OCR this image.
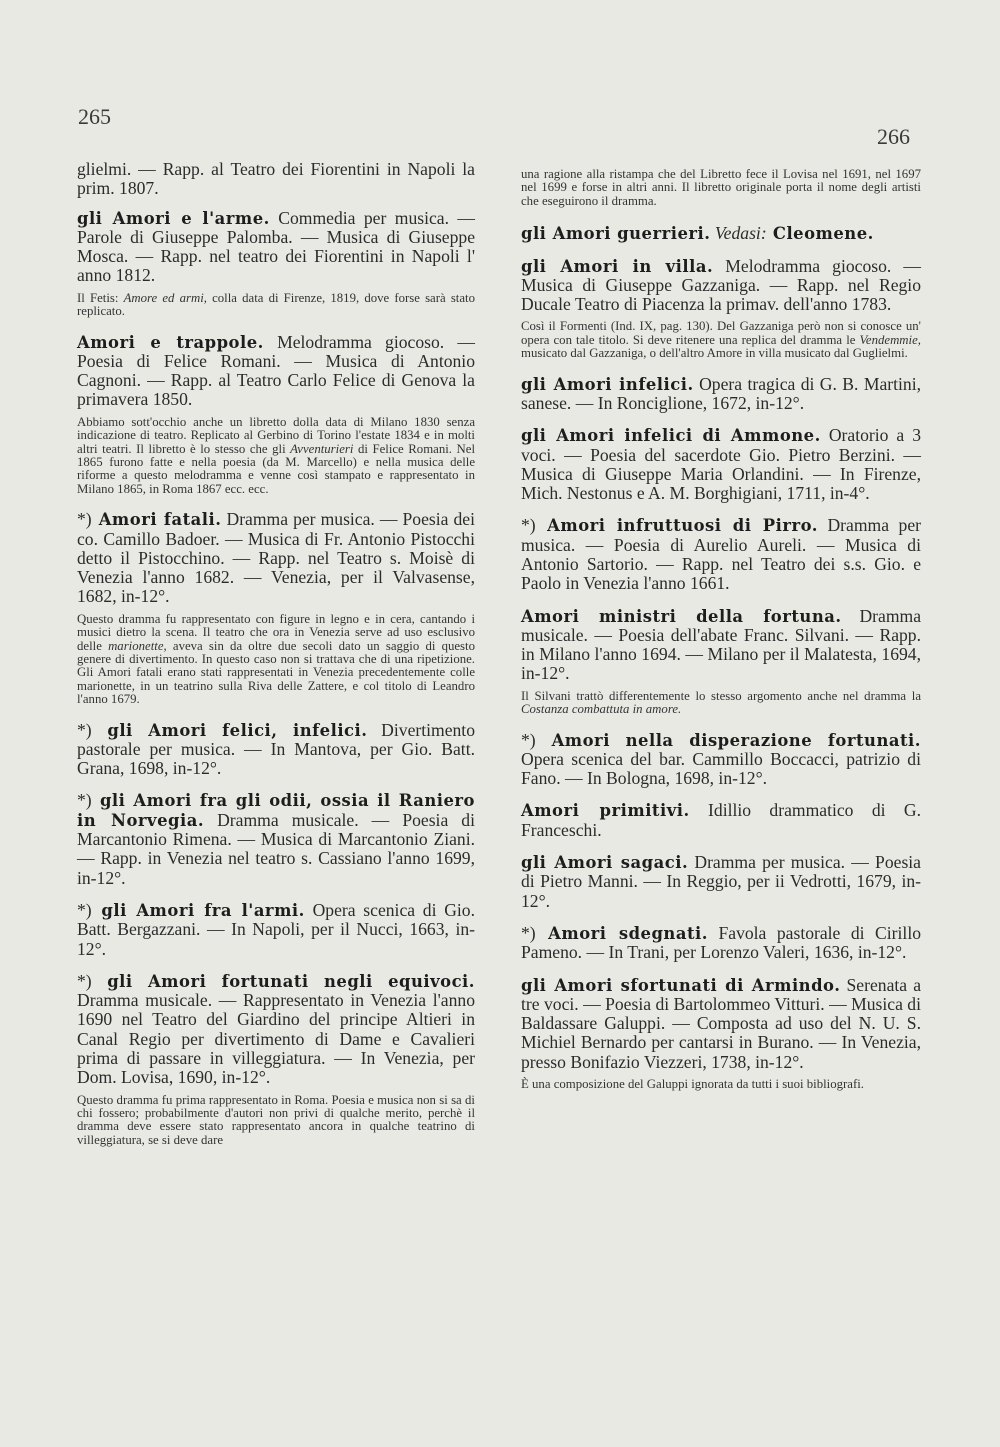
265
266

glielmi. — Rapp. al Teatro dei Fiorentini in Napoli la prim. 1807.

gli Amori e l'arme. Commedia per musica. — Parole di Giuseppe Palomba. — Musica di Giuseppe Mosca. — Rapp. nel teatro dei Fiorentini in Napoli l' anno 1812.

Il Fetis: Amore ed armi, colla data di Firenze, 1819, dove forse sarà stato replicato.

Amori e trappole. Melodramma giocoso. — Poesia di Felice Romani. — Musica di Antonio Cagnoni. — Rapp. al Teatro Carlo Felice di Genova la primavera 1850.

Abbiamo sott'occhio anche un libretto dolla data di Milano 1830 senza indicazione di teatro. Replicato al Gerbino di Torino l'estate 1834 e in molti altri teatri. Il libretto è lo stesso che gli Avventurieri di Felice Romani. Nel 1865 furono fatte e nella poesia (da M. Marcello) e nella musica delle riforme a questo melodramma e venne così stampato e rappresentato in Milano 1865, in Roma 1867 ecc. ecc.

*) Amori fatali. Dramma per musica. — Poesia dei co. Camillo Badoer. — Musica di Fr. Antonio Pistocchi detto il Pistocchino. — Rapp. nel Teatro s. Moisè di Venezia l'anno 1682. — Venezia, per il Valvasense, 1682, in-12°.

Questo dramma fu rappresentato con figure in legno e in cera, cantando i musici dietro la scena. Il teatro che ora in Venezia serve ad uso esclusivo delle marionette, aveva sin da oltre due secoli dato un saggio di questo genere di divertimento. In questo caso non si trattava che di una ripetizione. Gli Amori fatali erano stati rappresentati in Venezia precedentemente colle marionette, in un teatrino sulla Riva delle Zattere, e col titolo di Leandro l'anno 1679.

*) gli Amori felici, infelici. Divertimento pastorale per musica. — In Mantova, per Gio. Batt. Grana, 1698, in-12°.

*) gli Amori fra gli odii, ossia il Raniero in Norvegia. Dramma musicale. — Poesia di Marcantonio Rimena. — Musica di Marcantonio Ziani. — Rapp. in Venezia nel teatro s. Cassiano l'anno 1699, in-12°.

*) gli Amori fra l'armi. Opera scenica di Gio. Batt. Bergazzani. — In Napoli, per il Nucci, 1663, in-12°.

*) gli Amori fortunati negli equivoci. Dramma musicale. — Rappresentato in Venezia l'anno 1690 nel Teatro del Giardino del principe Altieri in Canal Regio per divertimento di Dame e Cavalieri prima di passare in villeggiatura. — In Venezia, per Dom. Lovisa, 1690, in-12°.

Questo dramma fu prima rappresentato in Roma. Poesia e musica non si sa di chi fossero; probabilmente d'autori non privi di qualche merito, perchè il dramma deve essere stato rappresentato ancora in qualche teatrino di villeggiatura, se si deve dare

una ragione alla ristampa che del Libretto fece il Lovisa nel 1691, nel 1697 nel 1699 e forse in altri anni. Il libretto originale porta il nome degli artisti che eseguirono il dramma.

gli Amori guerrieri. Vedasi: Cleomene.

gli Amori in villa. Melodramma giocoso. — Musica di Giuseppe Gazzaniga. — Rapp. nel Regio Ducale Teatro di Piacenza la primav. dell'anno 1783.

Così il Formenti (Ind. IX, pag. 130). Del Gazzaniga però non si conosce un' opera con tale titolo. Si deve ritenere una replica del dramma le Vendemmie, musicato dal Gazzaniga, o dell'altro Amore in villa musicato dal Guglielmi.

gli Amori infelici. Opera tragica di G. B. Martini, sanese. — In Ronciglione, 1672, in-12°.

gli Amori infelici di Ammone. Oratorio a 3 voci. — Poesia del sacerdote Gio. Pietro Berzini. — Musica di Giuseppe Maria Orlandini. — In Firenze, Mich. Nestonus e A. M. Borghigiani, 1711, in-4°.

*) Amori infruttuosi di Pirro. Dramma per musica. — Poesia di Aurelio Aureli. — Musica di Antonio Sartorio. — Rapp. nel Teatro dei s.s. Gio. e Paolo in Venezia l'anno 1661.

Amori ministri della fortuna. Dramma musicale. — Poesia dell'abate Franc. Silvani. — Rapp. in Milano l'anno 1694. — Milano per il Malatesta, 1694, in-12°.

Il Silvani trattò differentemente lo stesso argomento anche nel dramma la Costanza combattuta in amore.

*) Amori nella disperazione fortunati. Opera scenica del bar. Cammillo Boccacci, patrizio di Fano. — In Bologna, 1698, in-12°.

Amori primitivi. Idillio drammatico di G. Franceschi.

gli Amori sagaci. Dramma per musica. — Poesia di Pietro Manni. — In Reggio, per ii Vedrotti, 1679, in-12°.

*) Amori sdegnati. Favola pastorale di Cirillo Pameno. — In Trani, per Lorenzo Valeri, 1636, in-12°.

gli Amori sfortunati di Armindo. Serenata a tre voci. — Poesia di Bartolommeo Vitturi. — Musica di Baldassare Galuppi. — Composta ad uso del N. U. S. Michiel Bernardo per cantarsi in Burano. — In Venezia, presso Bonifazio Viezzeri, 1738, in-12°.

È una composizione del Galuppi ignorata da tutti i suoi bibliografi.
